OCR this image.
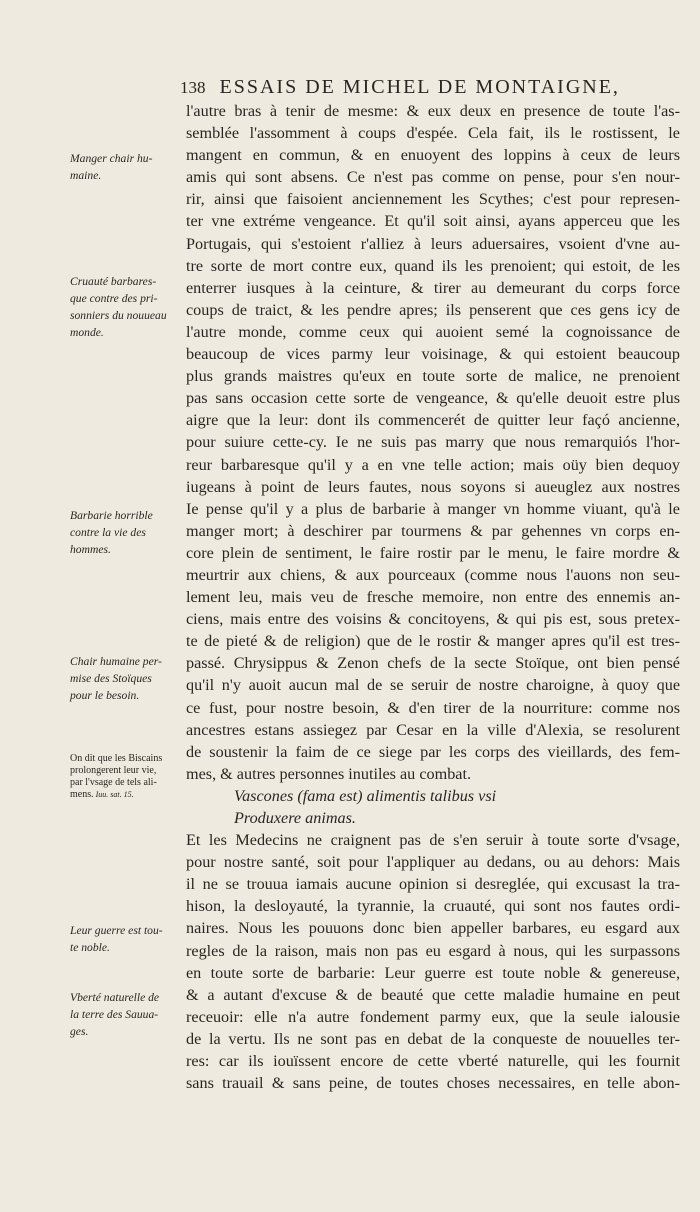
138 ESSAIS DE MICHEL DE MONTAIGNE,
l'autre bras à tenir de mesme: & eux deux en presence de toute l'as-
semblée l'assomment à coups d'espée. Cela fait, ils le rostissent, le
mangent en commun, & en enuoyent des loppins à ceux de leurs
amis qui sont absens. Ce n'est pas comme on pense, pour s'en nour-
rir, ainsi que faisoient anciennement les Scythes; c'est pour represen-
ter vne extréme vengeance. Et qu'il soit ainsi, ayans apperceu que les
Portugais, qui s'estoient r'alliez à leurs aduersaires, vsoient d'vne au-
tre sorte de mort contre eux, quand ils les prenoient; qui estoit, de les
enterrer iusques à la ceinture, & tirer au demeurant du corps force
coups de traict, & les pendre apres; ils penserent que ces gens icy de
l'autre monde, comme ceux qui auoient semé la cognoissance de
beaucoup de vices parmy leur voisinage, & qui estoient beaucoup
plus grands maistres qu'eux en toute sorte de malice, ne prenoient
pas sans occasion cette sorte de vengeance, & qu'elle deuoit estre plus
aigre que la leur: dont ils commencerét de quitter leur façó ancienne,
pour suiure cette-cy. Ie ne suis pas marry que nous remarquiós l'hor-
reur barbaresque qu'il y a en vne telle action; mais oüy bien dequoy
iugeans à point de leurs fautes, nous soyons si aueuglez aux nostres
Ie pense qu'il y a plus de barbarie à manger vn homme viuant, qu'à le
manger mort; à deschirer par tourmens & par gehennes vn corps en-
core plein de sentiment, le faire rostir par le menu, le faire mordre &
meurtrir aux chiens, & aux pourceaux (comme nous l'auons non seu-
lement leu, mais veu de fresche memoire, non entre des ennemis an-
ciens, mais entre des voisins & concitoyens, & qui pis est, sous pretex-
te de pieté & de religion) que de le rostir & manger apres qu'il est tres-
passé. Chrysippus & Zenon chefs de la secte Stoïque, ont bien pensé
qu'il n'y auoit aucun mal de se seruir de nostre charoigne, à quoy que
ce fust, pour nostre besoin, & d'en tirer de la nourriture: comme nos
ancestres estans assiegez par Cesar en la ville d'Alexia, se resolurent
de soustenir la faim de ce siege par les corps des vieillards, des fem-
mes, & autres personnes inutiles au combat.
Vascones (fama est) alimentis talibus vsi
Produxere animas.
Et les Medecins ne craignent pas de s'en seruir à toute sorte d'vsage,
pour nostre santé, soit pour l'appliquer au dedans, ou au dehors: Mais
il ne se trouua iamais aucune opinion si desreglée, qui excusast la tra-
hison, la desloyauté, la tyrannie, la cruauté, qui sont nos fautes ordi-
naires. Nous les pouuons donc bien appeller barbares, eu esgard aux
regles de la raison, mais non pas eu esgard à nous, qui les surpassons
en toute sorte de barbarie: Leur guerre est toute noble & genereuse,
& a autant d'excuse & de beauté que cette maladie humaine en peut
receuoir: elle n'a autre fondement parmy eux, que la seule ialousie
de la vertu. Ils ne sont pas en debat de la conqueste de nouuelles ter-
res: car ils iouïssent encore de cette vberté naturelle, qui les fournit
sans trauail & sans peine, de toutes choses necessaires, en telle abon-
Manger chair hu-
maine.
Cruauté barbares-
que contre des pri-
sonniers du nouueau
monde.
Barbarie horrible
contre la vie des
hommes.
Chair humaine per-
mise des Stoïques
pour le besoin.
On dit que les Biscains
prolongerent leur vie,
par l'vsage de tels ali-
mens. Iuu. sat. 15.
Leur guerre est tou-
te noble.
Vberté naturelle de
la terre des Sauua-
ges.
